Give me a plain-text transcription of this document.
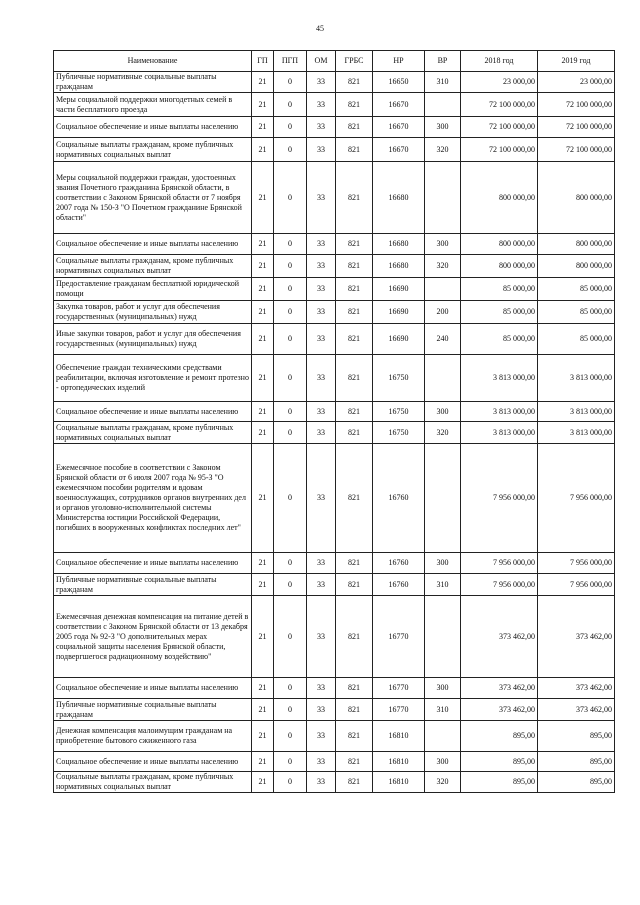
45
Наименование	ГП	ПГП	ОМ	ГРБС	НР	ВР	2018 год	2019 год
Публичные нормативные социальные выплаты гражданам	21	0	33	821	16650	310	23 000,00	23 000,00
Меры социальной поддержки многодетных семей в части бесплатного проезда	21	0	33	821	16670		72 100 000,00	72 100 000,00
Социальное обеспечение и иные выплаты населению	21	0	33	821	16670	300	72 100 000,00	72 100 000,00
Социальные выплаты гражданам, кроме публичных нормативных социальных выплат	21	0	33	821	16670	320	72 100 000,00	72 100 000,00
Меры социальной поддержки граждан, удостоенных звания Почетного гражданина Брянской области, в соответствии с Законом Брянской области от 7 ноября 2007 года № 150-З "О Почетном гражданине Брянской области"	21	0	33	821	16680		800 000,00	800 000,00
Социальное обеспечение и иные выплаты населению	21	0	33	821	16680	300	800 000,00	800 000,00
Социальные выплаты гражданам, кроме публичных нормативных социальных выплат	21	0	33	821	16680	320	800 000,00	800 000,00
Предоставление гражданам бесплатной юридической помощи	21	0	33	821	16690		85 000,00	85 000,00
Закупка товаров, работ и услуг для обеспечения государственных (муниципальных) нужд	21	0	33	821	16690	200	85 000,00	85 000,00
Иные закупки товаров, работ и услуг для обеспечения государственных (муниципальных) нужд	21	0	33	821	16690	240	85 000,00	85 000,00
Обеспечение граждан техническими средствами реабилитации, включая изготовление и ремонт протезно - ортопедических изделий	21	0	33	821	16750		3 813 000,00	3 813 000,00
Социальное обеспечение и иные выплаты населению	21	0	33	821	16750	300	3 813 000,00	3 813 000,00
Социальные выплаты гражданам, кроме публичных нормативных социальных выплат	21	0	33	821	16750	320	3 813 000,00	3 813 000,00
Ежемесячное пособие в соответствии с Законом Брянской области от 6 июля 2007 года № 95-З "О ежемесячном пособии родителям и вдовам военнослужащих, сотрудников органов внутренних дел и органов уголовно-исполнительной системы Министерства юстиции Российской Федерации, погибших в вооруженных конфликтах последних лет"	21	0	33	821	16760		7 956 000,00	7 956 000,00
Социальное обеспечение и иные выплаты населению	21	0	33	821	16760	300	7 956 000,00	7 956 000,00
Публичные нормативные социальные выплаты гражданам	21	0	33	821	16760	310	7 956 000,00	7 956 000,00
Ежемесячная денежная компенсация на питание детей в соответствии с Законом Брянской области от 13 декабря 2005 года № 92-З "О дополнительных мерах социальной защиты населения Брянской области, подвергшегося радиационному воздействию"	21	0	33	821	16770		373 462,00	373 462,00
Социальное обеспечение и иные выплаты населению	21	0	33	821	16770	300	373 462,00	373 462,00
Публичные нормативные социальные выплаты гражданам	21	0	33	821	16770	310	373 462,00	373 462,00
Денежная компенсация малоимущим гражданам на приобретение бытового сжиженного газа	21	0	33	821	16810		895,00	895,00
Социальное обеспечение и иные выплаты населению	21	0	33	821	16810	300	895,00	895,00
Социальные выплаты гражданам, кроме публичных нормативных социальных выплат	21	0	33	821	16810	320	895,00	895,00
